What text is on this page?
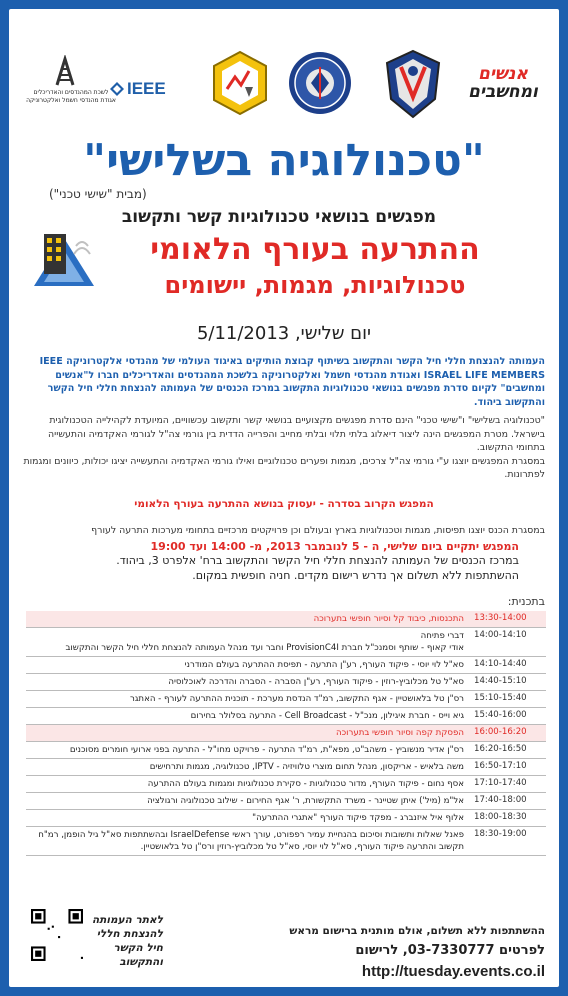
אנשים
ומחשבים
IEEE
לשכת המהנדסים והאדריכלים
אגודת מהנדסי חשמל ואלקטרוניקה
"טכנולוגיה בשלישי"
(מבית "שישי טכני")
מפגשים בנושאי טכנולוגיות קשר ותקשוב
ההתרעה בעורף הלאומי
טכנולוגיות, מגמות, יישומים
יום שלישי, 5/11/2013
העמותה להנצחת חללי חיל הקשר והתקשוב בשיתוף קבוצת הותיקים באיגוד העולמי של מהנדסי אלקטרוניקה IEEE ISRAEL LIFE MEMBERS ואגודת מהנדסי חשמל ואלקטרוניקה בלשכת המהנדסים והאדריכלים חברו ל"אנשים ומחשבים" לקיום סדרת מפגשים בנושאי טכנולוגיות התקשוב במרכז הכנסים של העמותה להנצחת חללי חיל הקשר והתקשוב ביהוד.

"טכנולוגיה בשלישי" ו"שישי טכני" הינם סדרת מפגשים מקצועיים בנושאי קשר ותקשוב עכשוויים, המיועדת לקהילייה הטכנולוגית בישראל. מטרת המפגשים הינה ליצור דיאלוג בלתי תלוי ובלתי מחייב והפרייה הדדית בין גורמי צה"ל לגורמי האקדמיה והתעשייה בתחומי התקשוב.

במסגרת המפגשים יוצגו ע"י גורמי צה"ל צרכים, מגמות ופערים טכנולוגיים ואילו גורמי האקדמיה והתעשייה יציגו יכולות, כיוונים ומגמות לפתרונות.

המפגש הקרוב בסדרה - יעסוק בנושא ההתרעה בעורף הלאומי
במסגרת הכנס יוצגו תפיסות, מגמות וטכנולוגיות בארץ ובעולם וכן פרויקטים מרכזיים בתחומי מערכות התרעה לעורף
המפגש יתקיים ביום שלישי, ה - 5 לנובמבר 2013, מ- 14:00 ועד 19:00
במרכז הכנסים של העמותה להנצחת חללי חיל הקשר והתקשוב ברח' אלפרט 3, ביהוד.
ההשתתפות ללא תשלום אך נדרש רישום מקדים. חניה חופשית במקום.
בתכנית:
13:30-14:00
התכנסות, כיבוד קל וסיור חופשי בתערוכה
14:00-14:10
דברי פתיחה
אודי קאוף - שותף וסמנכ"ל חברת ProvisionC4I וחבר ועד מנהל העמותה להנצחת חללי חיל הקשר והתקשוב
14:10-14:40
סא"ל לוי יוסי - פיקוד העורף, רע"ן התרעה - תפיסת ההתרעה בעולם המודרני
14:40-15:10
סא"ל טל מכלוביץ-רוזין - פיקוד העורף, רע"ן הסברה - הסברה והדרכה לאוכלוסיה
15:10-15:40
רס"ן טל בלאושטיין - אגף התקשוב, רמ"ד הנדסת מערכת - תוכנית ההתרעה לעורף - האתגר
15:40-16:00
גיא וייס - חברת איגילון, מנכ"ל - Cell Broadcast - התרעה בסלולר בחירום
16:00-16:20
הפסקת קפה וסיור חופשי בתערוכה
16:20-16:50
רס"ן אדיר מנשוביץ - משהב"ט, מפא"ת, רמ"ד התרעה - פרויקט מחו"ל - התרעה בפני ארועי חומרים מסוכנים
16:50-17:10
משה בלאיש - אריקסון, מנהל תחום מוצרי טלוויזיה - IPTV, טכנולוגיה, מגמות ותרחישים
17:10-17:40
אסף נחום - פיקוד העורף, מדור טכנולוגיות - סקירת טכנולוגיות ומגמות בעולם ההתרעה
17:40-18:00
אל"מ (מיל') איתן שטיינר - משרד התקשורת, ר' אגף החירום - שילוב טכנולוגיה ורגולציה
18:00-18:30
אלוף איל איזנברג - מפקד פיקוד העורף "אתגרי ההתרעה"
18:30-19:00
פאנל שאלות ותשובות וסיכום בהנחיית עמיר רפפורט, עורך ראשי IsraelDefense ובהשתתפות סא"ל גיל הופמן, רמ"ח תקשוב והתרעה פיקוד העורף, סא"ל לוי יוסי, סא"ל טל מכלוביץ-רוזין ורס"ן טל בלאושטיין.
לאתר העמותה להנצחת חללי חיל הקשר והתקשוב
ההשתתפות ללא תשלום, אולם מותנית ברישום מראש
לפרטים 03-7330777, לרישום
http://tuesday.events.co.il
